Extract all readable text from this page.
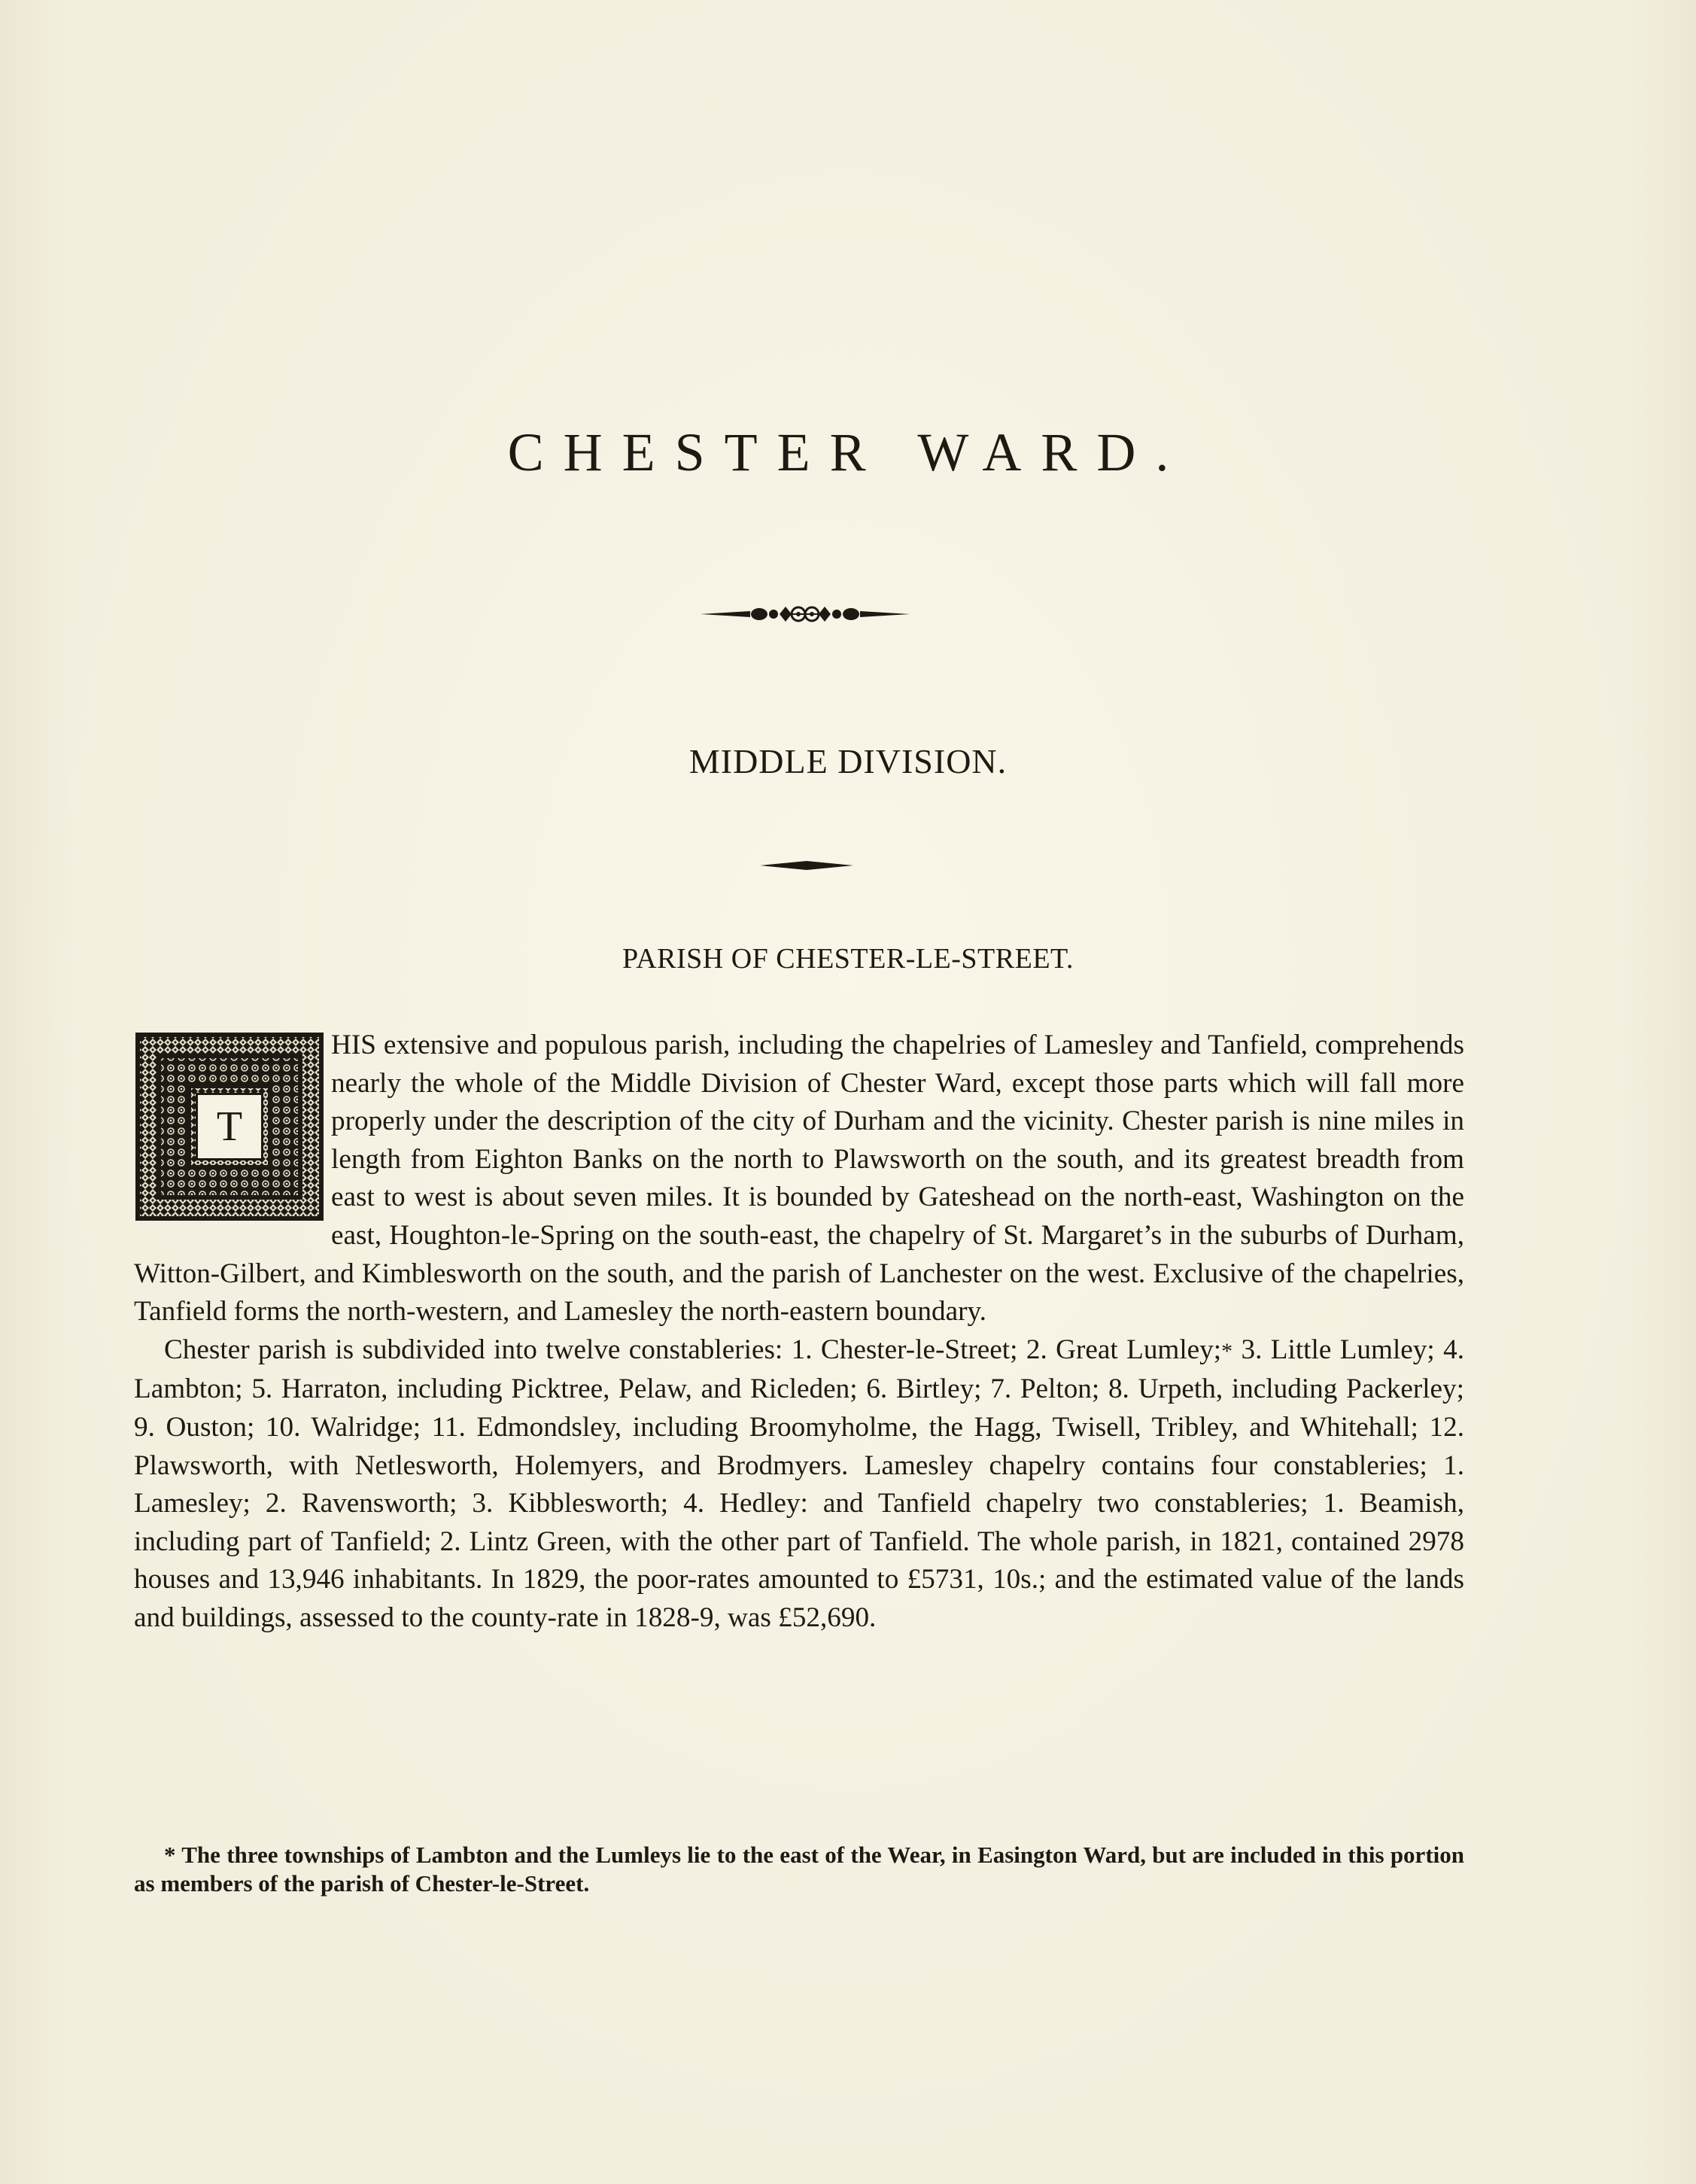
CHESTER WARD.
MIDDLE DIVISION.
PARISH OF CHESTER-LE-STREET.
T

HIS extensive and populous parish, including the chapelries of Lamesley and Tanfield, comprehends nearly the whole of the Middle Division of Chester Ward, except those parts which will fall more properly under the description of the city of Durham and the vicinity. Chester parish is nine miles in length from Eighton Banks on the north to Plawsworth on the south, and its greatest breadth from east to west is about seven miles. It is bounded by Gateshead on the north-east, Washington on the east, Houghton-le-Spring on the south-east, the chapelry of St. Margaret’s in the suburbs of Durham, Witton-Gilbert, and Kimblesworth on the south, and the parish of Lanchester on the west. Exclusive of the chapelries, Tanfield forms the north-western, and Lamesley the north-eastern boundary.

Chester parish is subdivided into twelve constableries: 1. Chester-le-Street; 2. Great Lumley;* 3. Little Lumley; 4. Lambton; 5. Harraton, including Picktree, Pelaw, and Ricleden; 6. Birtley; 7. Pelton; 8. Urpeth, including Packerley; 9. Ouston; 10. Walridge; 11. Edmondsley, including Broomyholme, the Hagg, Twisell, Tribley, and Whitehall; 12. Plawsworth, with Netlesworth, Holemyers, and Brodmyers. Lamesley chapelry contains four constableries; 1. Lamesley; 2. Ravensworth; 3. Kibblesworth; 4. Hedley: and Tanfield chapelry two constableries; 1. Beamish, including part of Tanfield; 2. Lintz Green, with the other part of Tanfield. The whole parish, in 1821, contained 2978 houses and 13,946 inhabitants. In 1829, the poor-rates amounted to £5731, 10s.; and the estimated value of the lands and buildings, assessed to the county-rate in 1828-9, was £52,690.

* The three townships of Lambton and the Lumleys lie to the east of the Wear, in Easington Ward, but are included in this portion as members of the parish of Chester-le-Street.
